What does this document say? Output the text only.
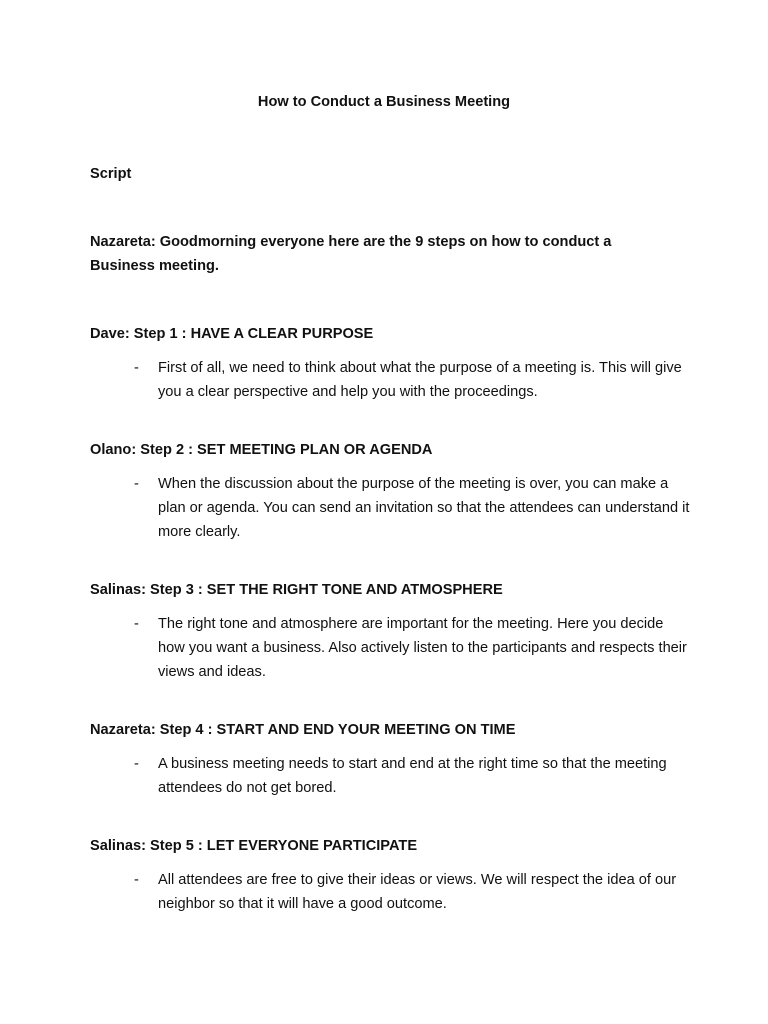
How to Conduct a Business Meeting
Script
Nazareta: Goodmorning everyone here are the 9 steps on how to conduct a Business meeting.
Dave: Step 1 : HAVE A CLEAR PURPOSE
- First of all, we need to think about what the purpose of a meeting is. This will give you a clear perspective and help you with the proceedings.
Olano: Step 2 : SET MEETING PLAN OR AGENDA
- When the discussion about the purpose of the meeting is over, you can make a plan or agenda. You can send an invitation so that the attendees can understand it more clearly.
Salinas: Step 3 : SET THE RIGHT TONE AND ATMOSPHERE
- The right tone and atmosphere are important for the meeting. Here you decide how you want a business. Also actively listen to the participants and respects their views and ideas.
Nazareta: Step 4 : START AND END YOUR MEETING ON TIME
- A business meeting needs to start and end at the right time so that the meeting attendees do not get bored.
Salinas: Step 5 : LET EVERYONE PARTICIPATE
- All attendees are free to give their ideas or views. We will respect the idea of our neighbor so that it will have a good outcome.
